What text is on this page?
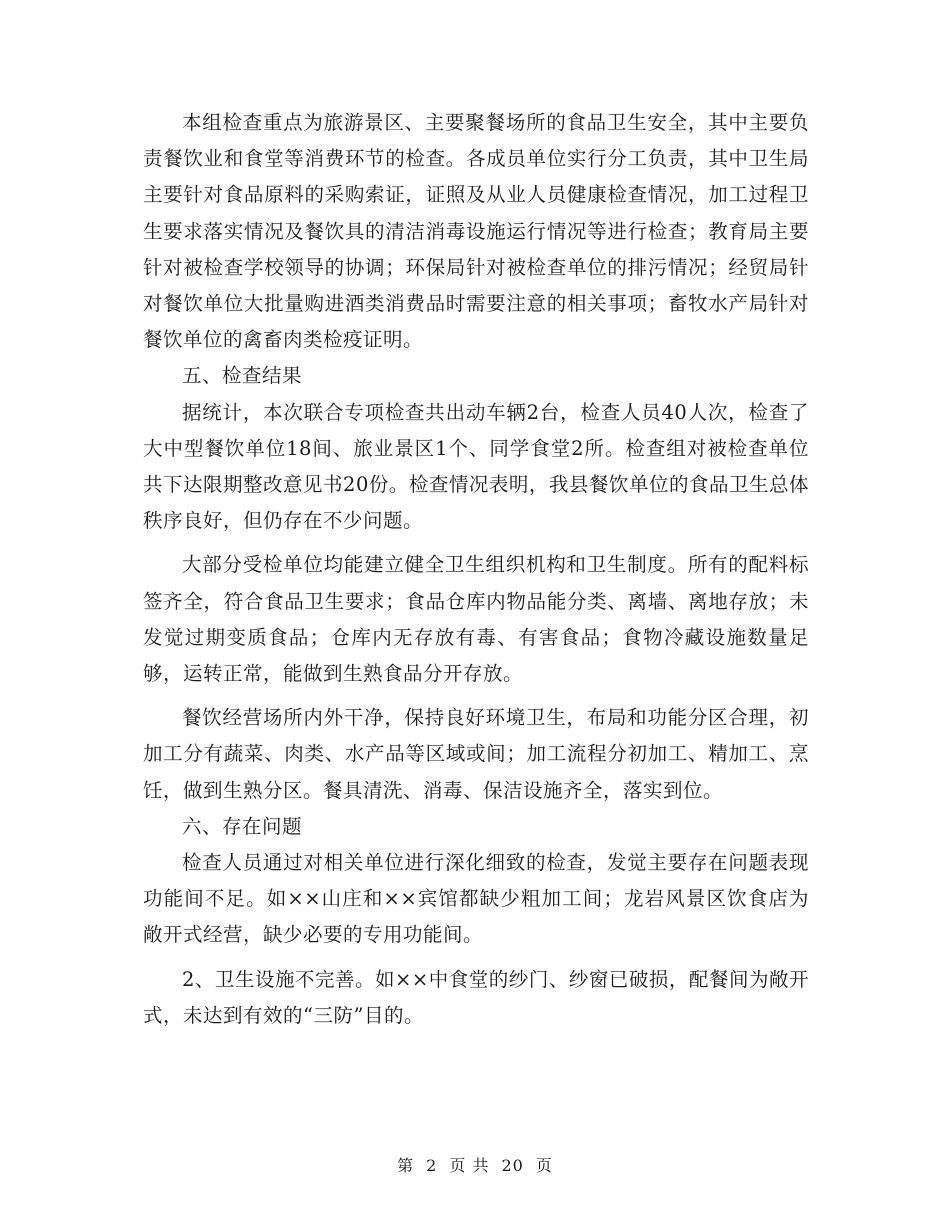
本组检查重点为旅游景区、主要聚餐场所的食品卫生安全，其中主要负责餐饮业和食堂等消费环节的检查。各成员单位实行分工负责，其中卫生局主要针对食品原料的采购索证，证照及从业人员健康检查情况，加工过程卫生要求落实情况及餐饮具的清洁消毒设施运行情况等进行检查；教育局主要针对被检查学校领导的协调；环保局针对被检查单位的排污情况；经贸局针对餐饮单位大批量购进酒类消费品时需要注意的相关事项；畜牧水产局针对餐饮单位的禽畜肉类检疫证明。

五、检查结果

据统计，本次联合专项检查共出动车辆2台，检查人员40人次，检查了大中型餐饮单位18间、旅业景区1个、同学食堂2所。检查组对被检查单位共下达限期整改意见书20份。检查情况表明，我县餐饮单位的食品卫生总体秩序良好，但仍存在不少问题。

大部分受检单位均能建立健全卫生组织机构和卫生制度。所有的配料标签齐全，符合食品卫生要求；食品仓库内物品能分类、离墙、离地存放；未发觉过期变质食品；仓库内无存放有毒、有害食品；食物冷藏设施数量足够，运转正常，能做到生熟食品分开存放。

餐饮经营场所内外干净，保持良好环境卫生，布局和功能分区合理，初加工分有蔬菜、肉类、水产品等区域或间；加工流程分初加工、精加工、烹饪，做到生熟分区。餐具清洗、消毒、保洁设施齐全，落实到位。

六、存在问题

检查人员通过对相关单位进行深化细致的检查，发觉主要存在问题表现功能间不足。如××山庄和××宾馆都缺少粗加工间；龙岩风景区饮食店为敞开式经营，缺少必要的专用功能间。

2、卫生设施不完善。如××中食堂的纱门、纱窗已破损，配餐间为敞开式，未达到有效的“三防”目的。

第 2 页 共 20 页
